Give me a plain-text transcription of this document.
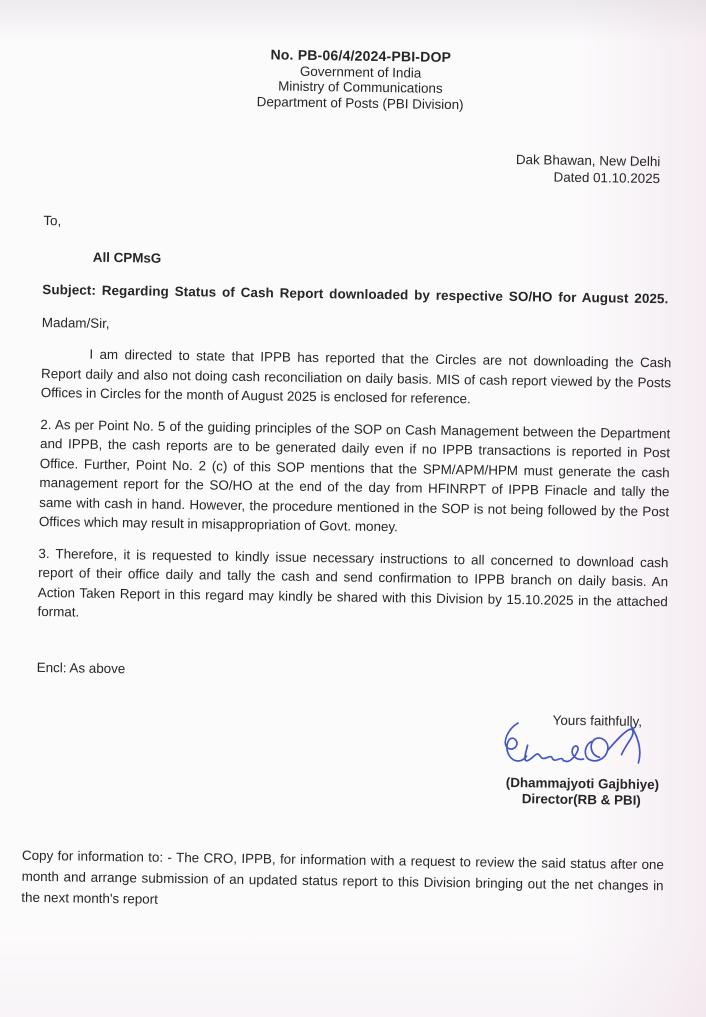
No. PB-06/4/2024-PBI-DOP
Government of India
Ministry of Communications
Department of Posts (PBI Division)
Dak Bhawan, New Delhi
Dated 01.10.2025
To,
All CPMsG
Subject: Regarding Status of Cash Report downloaded by respective SO/HO for August 2025.
Madam/Sir,

I am directed to state that IPPB has reported that the Circles are not downloading the Cash Report daily and also not doing cash reconciliation on daily basis. MIS of cash report viewed by the Posts Offices in Circles for the month of August 2025 is enclosed for reference.

2. As per Point No. 5 of the guiding principles of the SOP on Cash Management between the Department and IPPB, the cash reports are to be generated daily even if no IPPB transactions is reported in Post Office. Further, Point No. 2 (c) of this SOP mentions that the SPM/APM/HPM must generate the cash management report for the SO/HO at the end of the day from HFINRPT of IPPB Finacle and tally the same with cash in hand. However, the procedure mentioned in the SOP is not being followed by the Post Offices which may result in misappropriation of Govt. money.

3. Therefore, it is requested to kindly issue necessary instructions to all concerned to download cash report of their office daily and tally the cash and send confirmation to IPPB branch on daily basis. An Action Taken Report in this regard may kindly be shared with this Division by 15.10.2025 in the attached format.

Encl: As above
Yours faithfully,
(Dhammajyoti Gajbhiye)
Director(RB & PBI)
Copy for information to: - The CRO, IPPB, for information with a request to review the said status after one month and arrange submission of an updated status report to this Division bringing out the net changes in the next month's report
